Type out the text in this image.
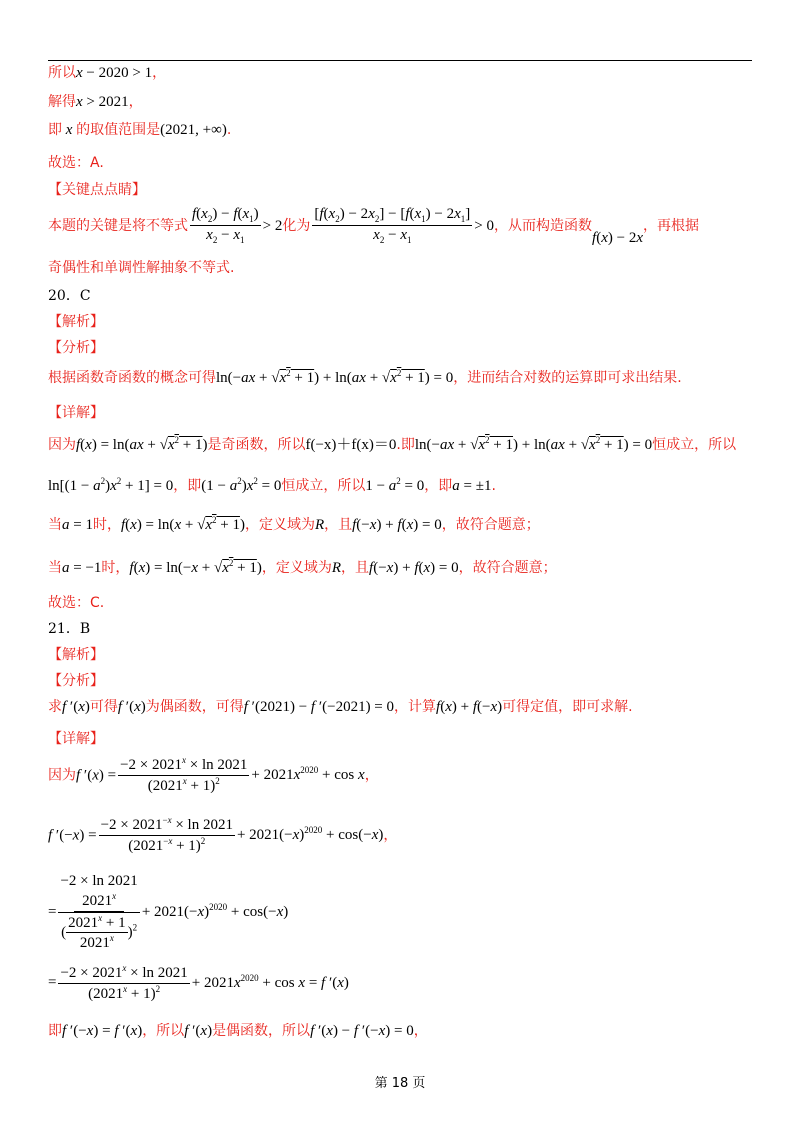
所以x − 2020 > 1，
解得x > 2021，
即 x 的取值范围是(2021, +∞).
故选：A.
【关键点点睛】
本题的关键是将不等式 $\frac{f(x_2) - f(x_1)}{x_2 - x_1} > 2$化为 $\frac{[f(x_2) - 2x_2] - [f(x_1) - 2x_1]}{x_2 - x_1} > 0$，从而构造函数f(x) − 2x，再根据
奇偶性和单调性解抽象不等式.
20．C
【解析】
【分析】
根据函数奇函数的概念可得$\ln(-ax + √x^2 + 1) + \ln(ax + √x^2 + 1) = 0$，进而结合对数的运算即可求出结果.
【详解】
因为$f(x) = \ln(ax + √x^2 + 1)$是奇函数，所以f(−x)＋f(x)＝0.即$\ln(-ax + √x^2 + 1) + \ln(ax + √x^2 + 1) = 0$恒成立，所以
$\ln[(1 - a^2)x^2 + 1] = 0$，即$(1 - a^2)x^2 = 0$恒成立，所以$1 - a^2 = 0$，即a = ±1.
当a = 1时，$f(x) = \ln(x + √x^2 + 1)$，定义域为R，且f(−x) + f(x) = 0，故符合题意；
当a = −1时，$f(x) = \ln(-x + √x^2 + 1)$，定义域为R，且f(−x) + f(x) = 0，故符合题意；
故选：C.
21．B
【解析】
【分析】
求f ′(x)可得f ′(x)为偶函数，可得f ′(2021) − f ′(−2021) = 0，计算f(x) + f(−x)可得定值，即可求解.
【详解】
因为f $'(x) = \frac{-2 \times 2021^x \times \ln 2021}{(2021^x + 1)^2} + 2021x^{2020} + \cos x$，
f $'(-x) = \frac{-2 \times 2021^{-x} \times \ln 2021}{(2021^{-x} + 1)^2} + 2021(-x)^{2020} + \cos(-x)$，
=
−2 × ln 2021

2021$^x$
( $\frac{2021^x + 1}{2021^x} )^2$
+ $2021(-x)^{2020} + \cos(-x)$
= $\frac{-2 \times 2021^x \times \ln 2021}{(2021^x + 1)^2} + 2021x^{2020} + \cos x = f$ ′(x)
即f ′(−x) = f ′(x)，所以f ′(x)是偶函数，所以f ′(x) − f ′(−x) = 0，
第 18 页
